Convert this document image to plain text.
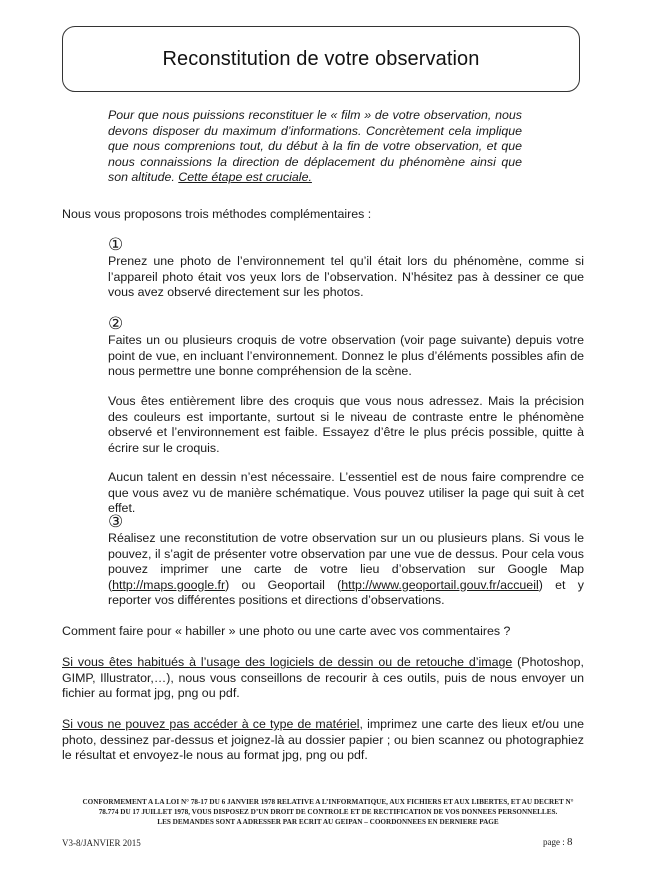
Reconstitution de votre observation

Pour que nous puissions reconstituer le « film » de votre observation, nous devons disposer du maximum d’informations. Concrètement cela implique que nous comprenions tout, du début à la fin de votre observation, et que nous connaissions la direction de déplacement du phénomène ainsi que son altitude. Cette étape est cruciale.

Nous vous proposons trois méthodes complémentaires :

①

Prenez une photo de l’environnement tel qu’il était lors du phénomène, comme si l’appareil photo était vos yeux lors de l’observation. N’hésitez pas à dessiner ce que vous avez observé directement sur les photos.

②

Faites un ou plusieurs croquis de votre observation (voir page suivante) depuis votre point de vue, en incluant l’environnement. Donnez le plus d’éléments possibles afin de nous permettre une bonne compréhension de la scène.

Vous êtes entièrement libre des croquis que vous nous adressez. Mais la précision des couleurs est importante, surtout si le niveau de contraste entre le phénomène observé et l’environnement est faible. Essayez d’être le plus précis possible, quitte à écrire sur le croquis.

Aucun talent en dessin n’est nécessaire. L’essentiel est de nous faire comprendre ce que vous avez vu de manière schématique. Vous pouvez utiliser la page qui suit à cet effet.

③

Réalisez une reconstitution de votre observation sur un ou plusieurs plans. Si vous le pouvez, il s’agit de présenter votre observation par une vue de dessus. Pour cela vous pouvez imprimer une carte de votre lieu d’observation sur Google Map (http://maps.google.fr) ou Geoportail (http://www.geoportail.gouv.fr/accueil) et y reporter vos différentes positions et directions d’observations.

Comment faire pour « habiller » une photo ou une carte avec vos commentaires ?

Si vous êtes habitués à l’usage des logiciels de dessin ou de retouche d’image (Photoshop, GIMP, Illustrator,…), nous vous conseillons de recourir à ces outils, puis de nous envoyer un fichier au format jpg, png ou pdf.

Si vous ne pouvez pas accéder à ce type de matériel, imprimez une carte des lieux et/ou une photo, dessinez par-dessus et joignez-là au dossier papier ; ou bien scannez ou photographiez le résultat et envoyez-le nous au format jpg, png ou pdf.

CONFORMEMENT A LA LOI N° 78-17 DU 6 JANVIER 1978 RELATIVE A L’INFORMATIQUE, AUX FICHIERS ET AUX LIBERTES, ET AU DECRET N° 78.774 DU 17 JUILLET 1978, VOUS DISPOSEZ D’UN DROIT DE CONTROLE ET DE RECTIFICATION DE VOS DONNEES PERSONNELLES.
LES DEMANDES SONT A ADRESSER PAR ECRIT AU GEIPAN – COORDONNEES EN DERNIERE PAGE

V3-8/JANVIER 2015	page : 8
